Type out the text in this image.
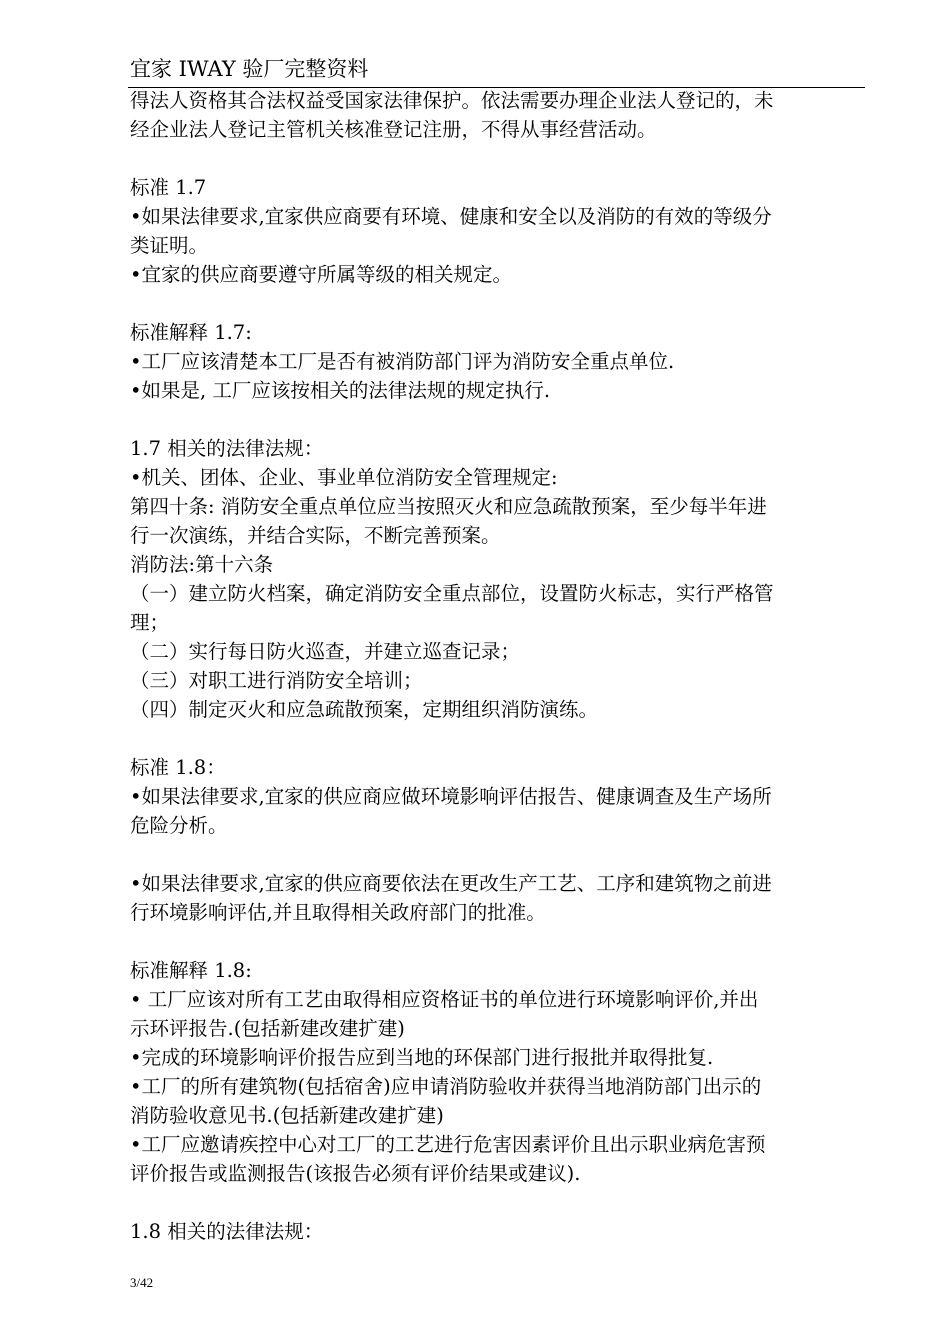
宜家 IWAY 验厂完整资料
得法人资格其合法权益受国家法律保护。依法需要办理企业法人登记的，未
经企业法人登记主管机关核准登记注册，不得从事经营活动。
标准 1.7
•如果法律要求,宜家供应商要有环境、健康和安全以及消防的有效的等级分
类证明。
•宜家的供应商要遵守所属等级的相关规定。
标准解释 1.7:
•工厂应该清楚本工厂是否有被消防部门评为消防安全重点单位.
•如果是, 工厂应该按相关的法律法规的规定执行.
1.7 相关的法律法规：
•机关、团体、企业、事业单位消防安全管理规定:
第四十条: 消防安全重点单位应当按照灭火和应急疏散预案，至少每半年进
行一次演练，并结合实际，不断完善预案。
消防法:第十六条
（一）建立防火档案，确定消防安全重点部位，设置防火标志，实行严格管
理；
（二）实行每日防火巡查，并建立巡查记录；
（三）对职工进行消防安全培训；
（四）制定灭火和应急疏散预案，定期组织消防演练。
标准 1.8：
•如果法律要求,宜家的供应商应做环境影响评估报告、健康调查及生产场所
危险分析。
•如果法律要求,宜家的供应商要依法在更改生产工艺、工序和建筑物之前进
行环境影响评估,并且取得相关政府部门的批准。
标准解释 1.8:
• 工厂应该对所有工艺由取得相应资格证书的单位进行环境影响评价,并出
示环评报告.(包括新建改建扩建)
•完成的环境影响评价报告应到当地的环保部门进行报批并取得批复.
•工厂的所有建筑物(包括宿舍)应申请消防验收并获得当地消防部门出示的
消防验收意见书.(包括新建改建扩建)
•工厂应邀请疾控中心对工厂的工艺进行危害因素评价且出示职业病危害预
评价报告或监测报告(该报告必须有评价结果或建议).
1.8 相关的法律法规：
3/42
